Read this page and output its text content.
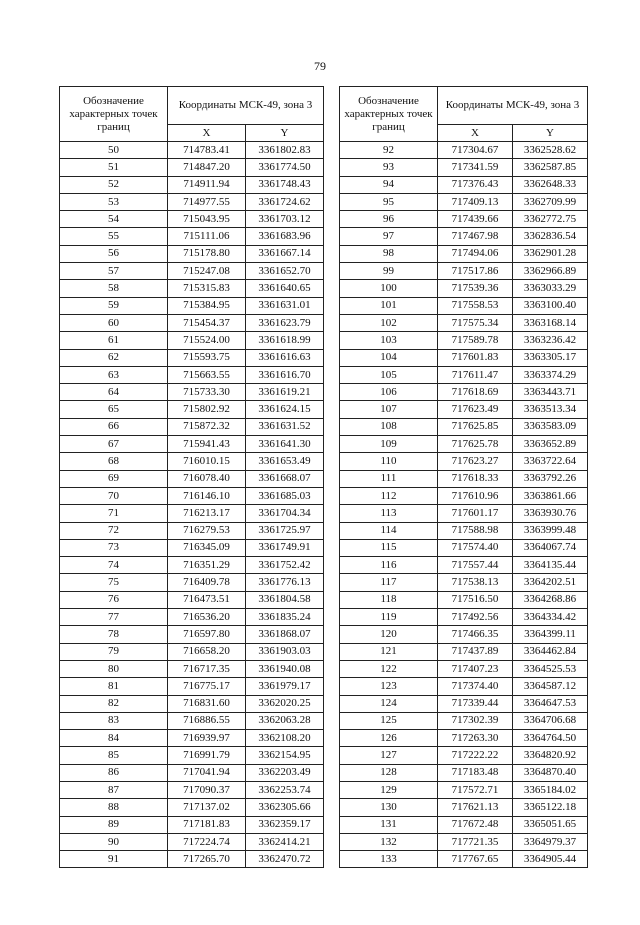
79
Обозначение характерных точек границ	Координаты МСК-49, зона 3	
	X	Y
50	714783.41	3361802.83
51	714847.20	3361774.50
52	714911.94	3361748.43
53	714977.55	3361724.62
54	715043.95	3361703.12
55	715111.06	3361683.96
56	715178.80	3361667.14
57	715247.08	3361652.70
58	715315.83	3361640.65
59	715384.95	3361631.01
60	715454.37	3361623.79
61	715524.00	3361618.99
62	715593.75	3361616.63
63	715663.55	3361616.70
64	715733.30	3361619.21
65	715802.92	3361624.15
66	715872.32	3361631.52
67	715941.43	3361641.30
68	716010.15	3361653.49
69	716078.40	3361668.07
70	716146.10	3361685.03
71	716213.17	3361704.34
72	716279.53	3361725.97
73	716345.09	3361749.91
74	716351.29	3361752.42
75	716409.78	3361776.13
76	716473.51	3361804.58
77	716536.20	3361835.24
78	716597.80	3361868.07
79	716658.20	3361903.03
80	716717.35	3361940.08
81	716775.17	3361979.17
82	716831.60	3362020.25
83	716886.55	3362063.28
84	716939.97	3362108.20
85	716991.79	3362154.95
86	717041.94	3362203.49
87	717090.37	3362253.74
88	717137.02	3362305.66
89	717181.83	3362359.17
90	717224.74	3362414.21
91	717265.70	3362470.72
Обозначение характерных точек границ	Координаты МСК-49, зона 3	
	X	Y
92	717304.67	3362528.62
93	717341.59	3362587.85
94	717376.43	3362648.33
95	717409.13	3362709.99
96	717439.66	3362772.75
97	717467.98	3362836.54
98	717494.06	3362901.28
99	717517.86	3362966.89
100	717539.36	3363033.29
101	717558.53	3363100.40
102	717575.34	3363168.14
103	717589.78	3363236.42
104	717601.83	3363305.17
105	717611.47	3363374.29
106	717618.69	3363443.71
107	717623.49	3363513.34
108	717625.85	3363583.09
109	717625.78	3363652.89
110	717623.27	3363722.64
111	717618.33	3363792.26
112	717610.96	3363861.66
113	717601.17	3363930.76
114	717588.98	3363999.48
115	717574.40	3364067.74
116	717557.44	3364135.44
117	717538.13	3364202.51
118	717516.50	3364268.86
119	717492.56	3364334.42
120	717466.35	3364399.11
121	717437.89	3364462.84
122	717407.23	3364525.53
123	717374.40	3364587.12
124	717339.44	3364647.53
125	717302.39	3364706.68
126	717263.30	3364764.50
127	717222.22	3364820.92
128	717183.48	3364870.40
129	717572.71	3365184.02
130	717621.13	3365122.18
131	717672.48	3365051.65
132	717721.35	3364979.37
133	717767.65	3364905.44
